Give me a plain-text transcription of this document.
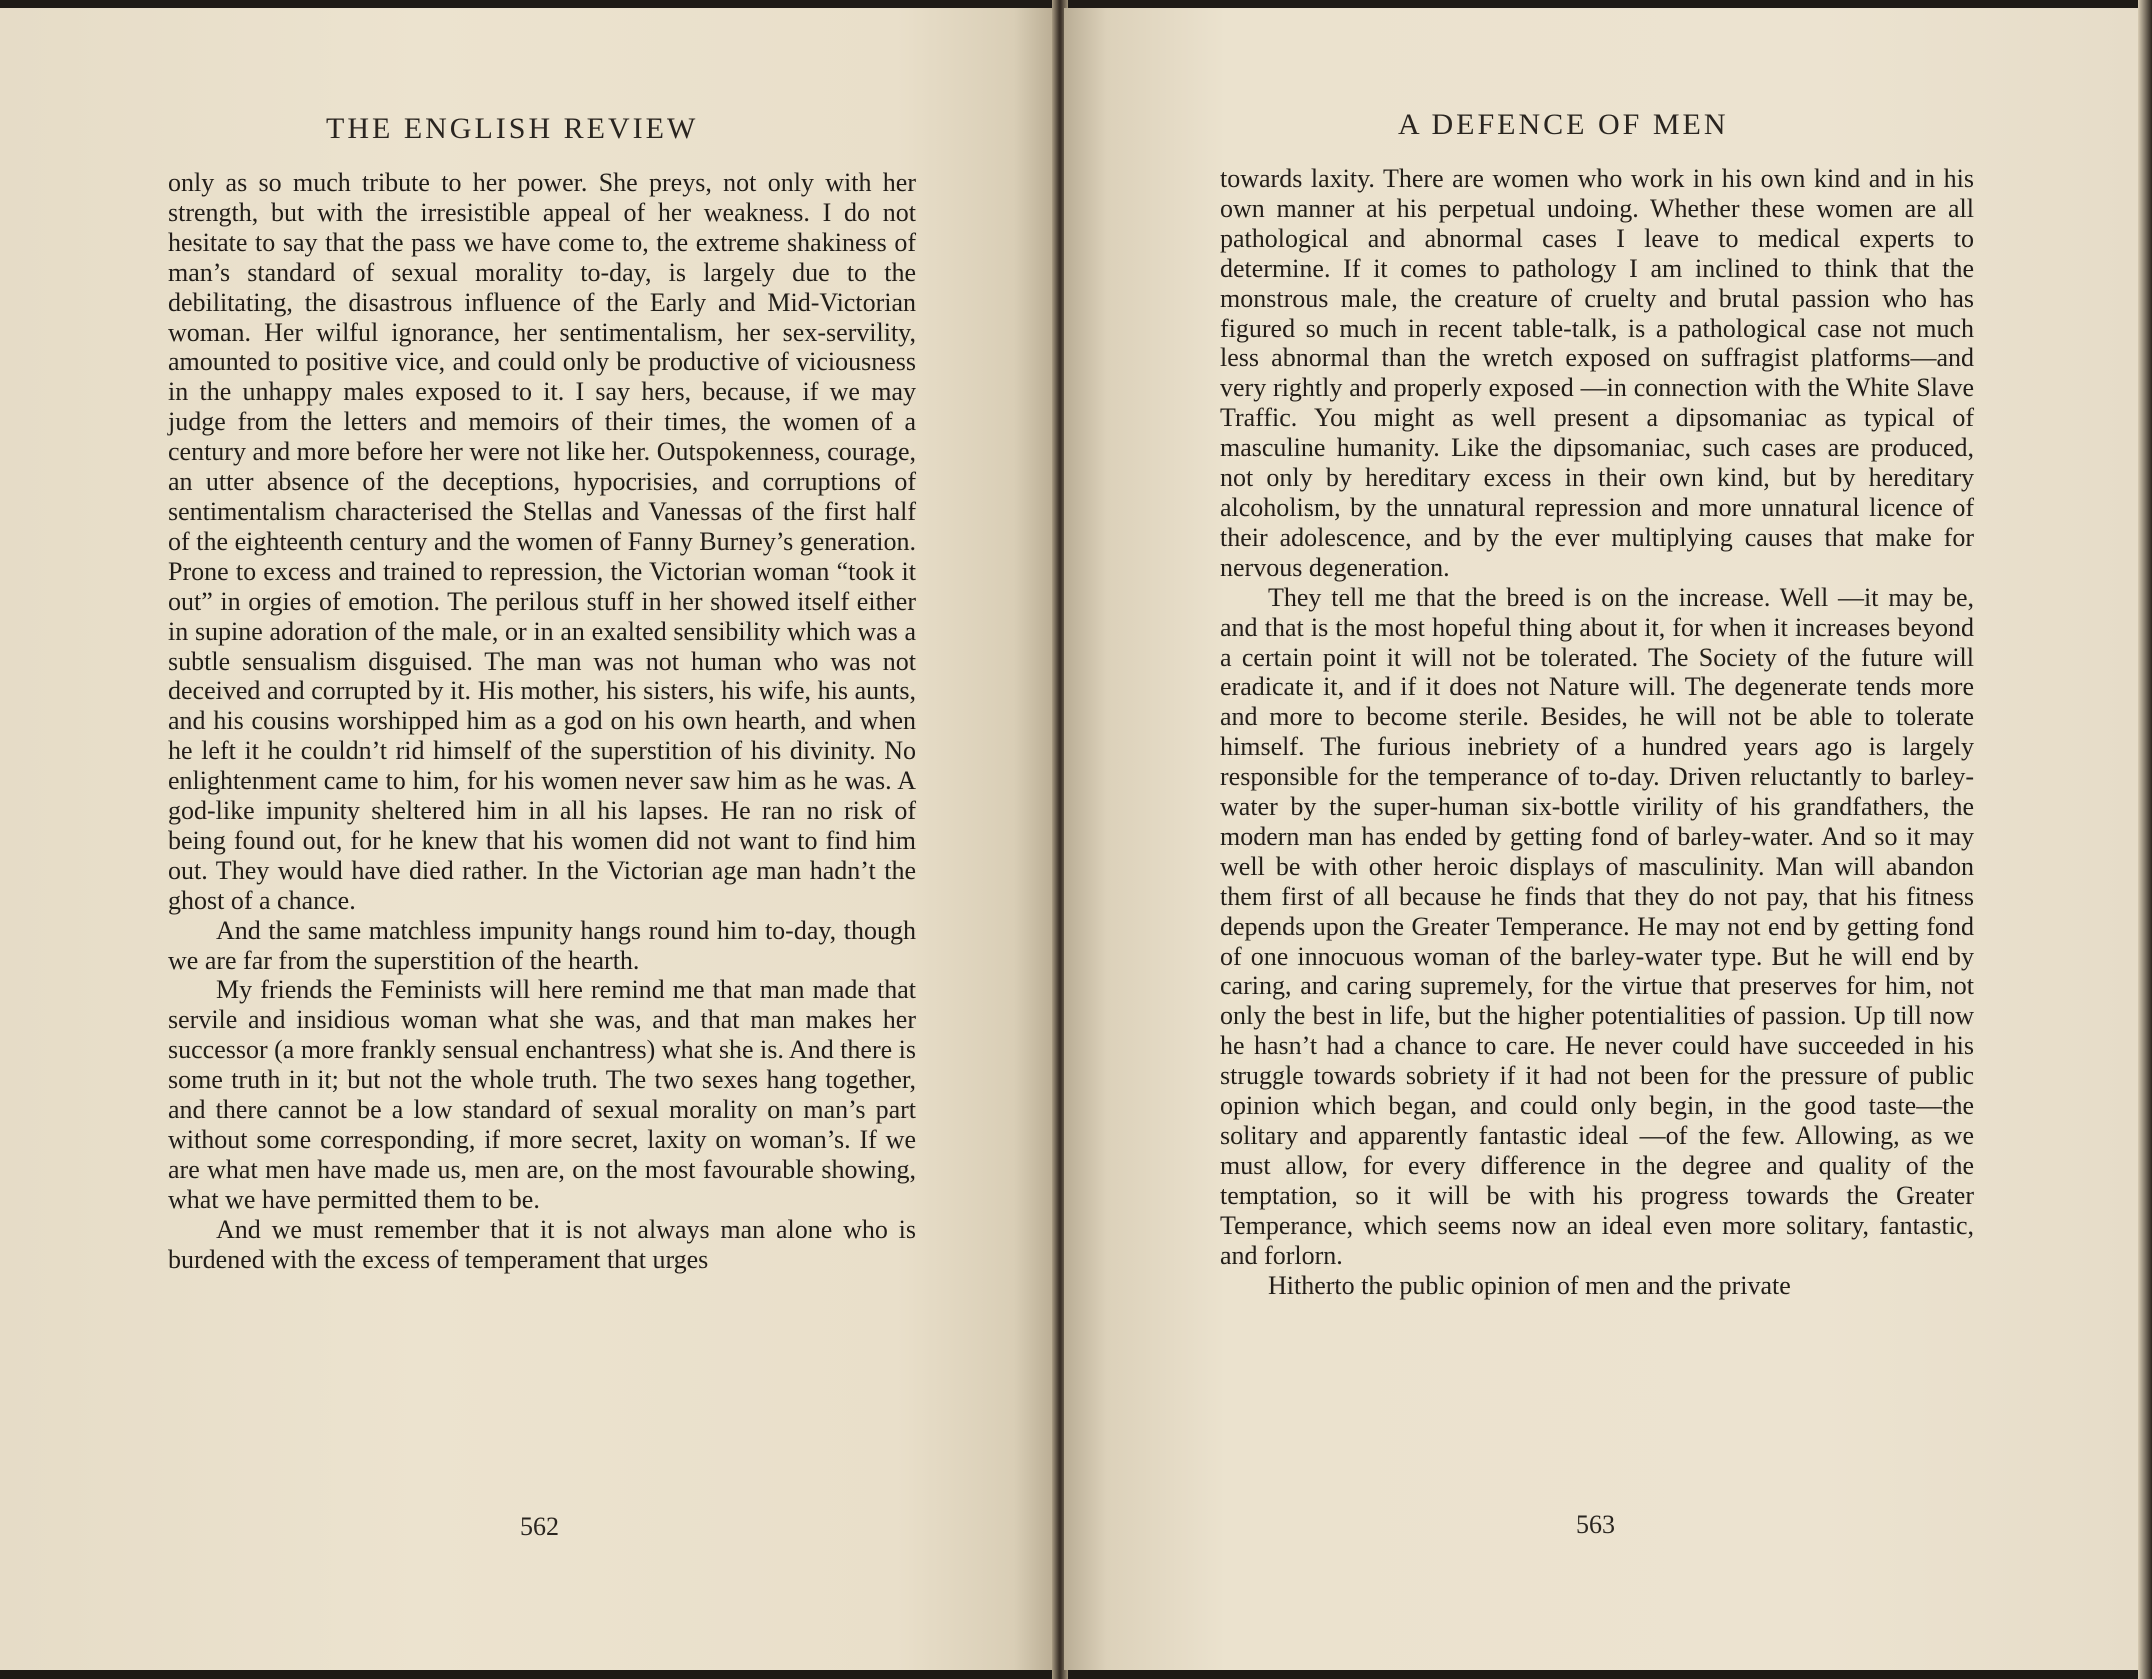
THE ENGLISH REVIEW

only as so much tribute to her power. She preys, not only with her strength, but with the irresistible appeal of her weakness. I do not hesitate to say that the pass we have come to, the extreme shakiness of man’s standard of sexual morality to-day, is largely due to the debilitating, the disastrous influence of the Early and Mid-Victorian woman. Her wilful ignorance, her sentimentalism, her sex-servility, amounted to positive vice, and could only be productive of viciousness in the unhappy males exposed to it. I say hers, because, if we may judge from the letters and memoirs of their times, the women of a century and more before her were not like her. Outspokenness, courage, an utter absence of the deceptions, hypocrisies, and corruptions of sentimentalism characterised the Stellas and Vanessas of the first half of the eighteenth century and the women of Fanny Burney’s generation. Prone to excess and trained to repression, the Victorian woman “took it out” in orgies of emotion. The perilous stuff in her showed itself either in supine adoration of the male, or in an exalted sensibility which was a subtle sensualism disguised. The man was not human who was not deceived and corrupted by it. His mother, his sisters, his wife, his aunts, and his cousins worshipped him as a god on his own hearth, and when he left it he couldn’t rid himself of the superstition of his divinity. No enlightenment came to him, for his women never saw him as he was. A god-like impunity sheltered him in all his lapses. He ran no risk of being found out, for he knew that his women did not want to find him out. They would have died rather. In the Victorian age man hadn’t the ghost of a chance.

And the same matchless impunity hangs round him to-day, though we are far from the superstition of the hearth.

My friends the Feminists will here remind me that man made that servile and insidious woman what she was, and that man makes her successor (a more frankly sensual enchantress) what she is. And there is some truth in it; but not the whole truth. The two sexes hang together, and there cannot be a low standard of sexual morality on man’s part without some corresponding, if more secret, laxity on woman’s. If we are what men have made us, men are, on the most favourable showing, what we have permitted them to be.

And we must remember that it is not always man alone who is burdened with the excess of temperament that urges

562
A DEFENCE OF MEN

towards laxity. There are women who work in his own kind and in his own manner at his perpetual undoing. Whether these women are all pathological and abnormal cases I leave to medical experts to determine. If it comes to pathology I am inclined to think that the monstrous male, the creature of cruelty and brutal passion who has figured so much in recent table-talk, is a pathological case not much less abnormal than the wretch exposed on suffragist platforms—and very rightly and properly exposed —in connection with the White Slave Traffic. You might as well present a dipsomaniac as typical of masculine humanity. Like the dipsomaniac, such cases are produced, not only by hereditary excess in their own kind, but by hereditary alcoholism, by the unnatural repression and more unnatural licence of their adolescence, and by the ever multiplying causes that make for nervous degeneration.

They tell me that the breed is on the increase. Well —it may be, and that is the most hopeful thing about it, for when it increases beyond a certain point it will not be tolerated. The Society of the future will eradicate it, and if it does not Nature will. The degenerate tends more and more to become sterile. Besides, he will not be able to tolerate himself. The furious inebriety of a hundred years ago is largely responsible for the temperance of to-day. Driven reluctantly to barley-water by the super-human six-bottle virility of his grandfathers, the modern man has ended by getting fond of barley-water. And so it may well be with other heroic displays of masculinity. Man will abandon them first of all because he finds that they do not pay, that his fitness depends upon the Greater Temperance. He may not end by getting fond of one innocuous woman of the barley-water type. But he will end by caring, and caring supremely, for the virtue that preserves for him, not only the best in life, but the higher potentialities of passion. Up till now he hasn’t had a chance to care. He never could have succeeded in his struggle towards sobriety if it had not been for the pressure of public opinion which began, and could only begin, in the good taste—the solitary and apparently fantastic ideal —of the few. Allowing, as we must allow, for every difference in the degree and quality of the temptation, so it will be with his progress towards the Greater Temperance, which seems now an ideal even more solitary, fantastic, and forlorn.

Hitherto the public opinion of men and the private

563
